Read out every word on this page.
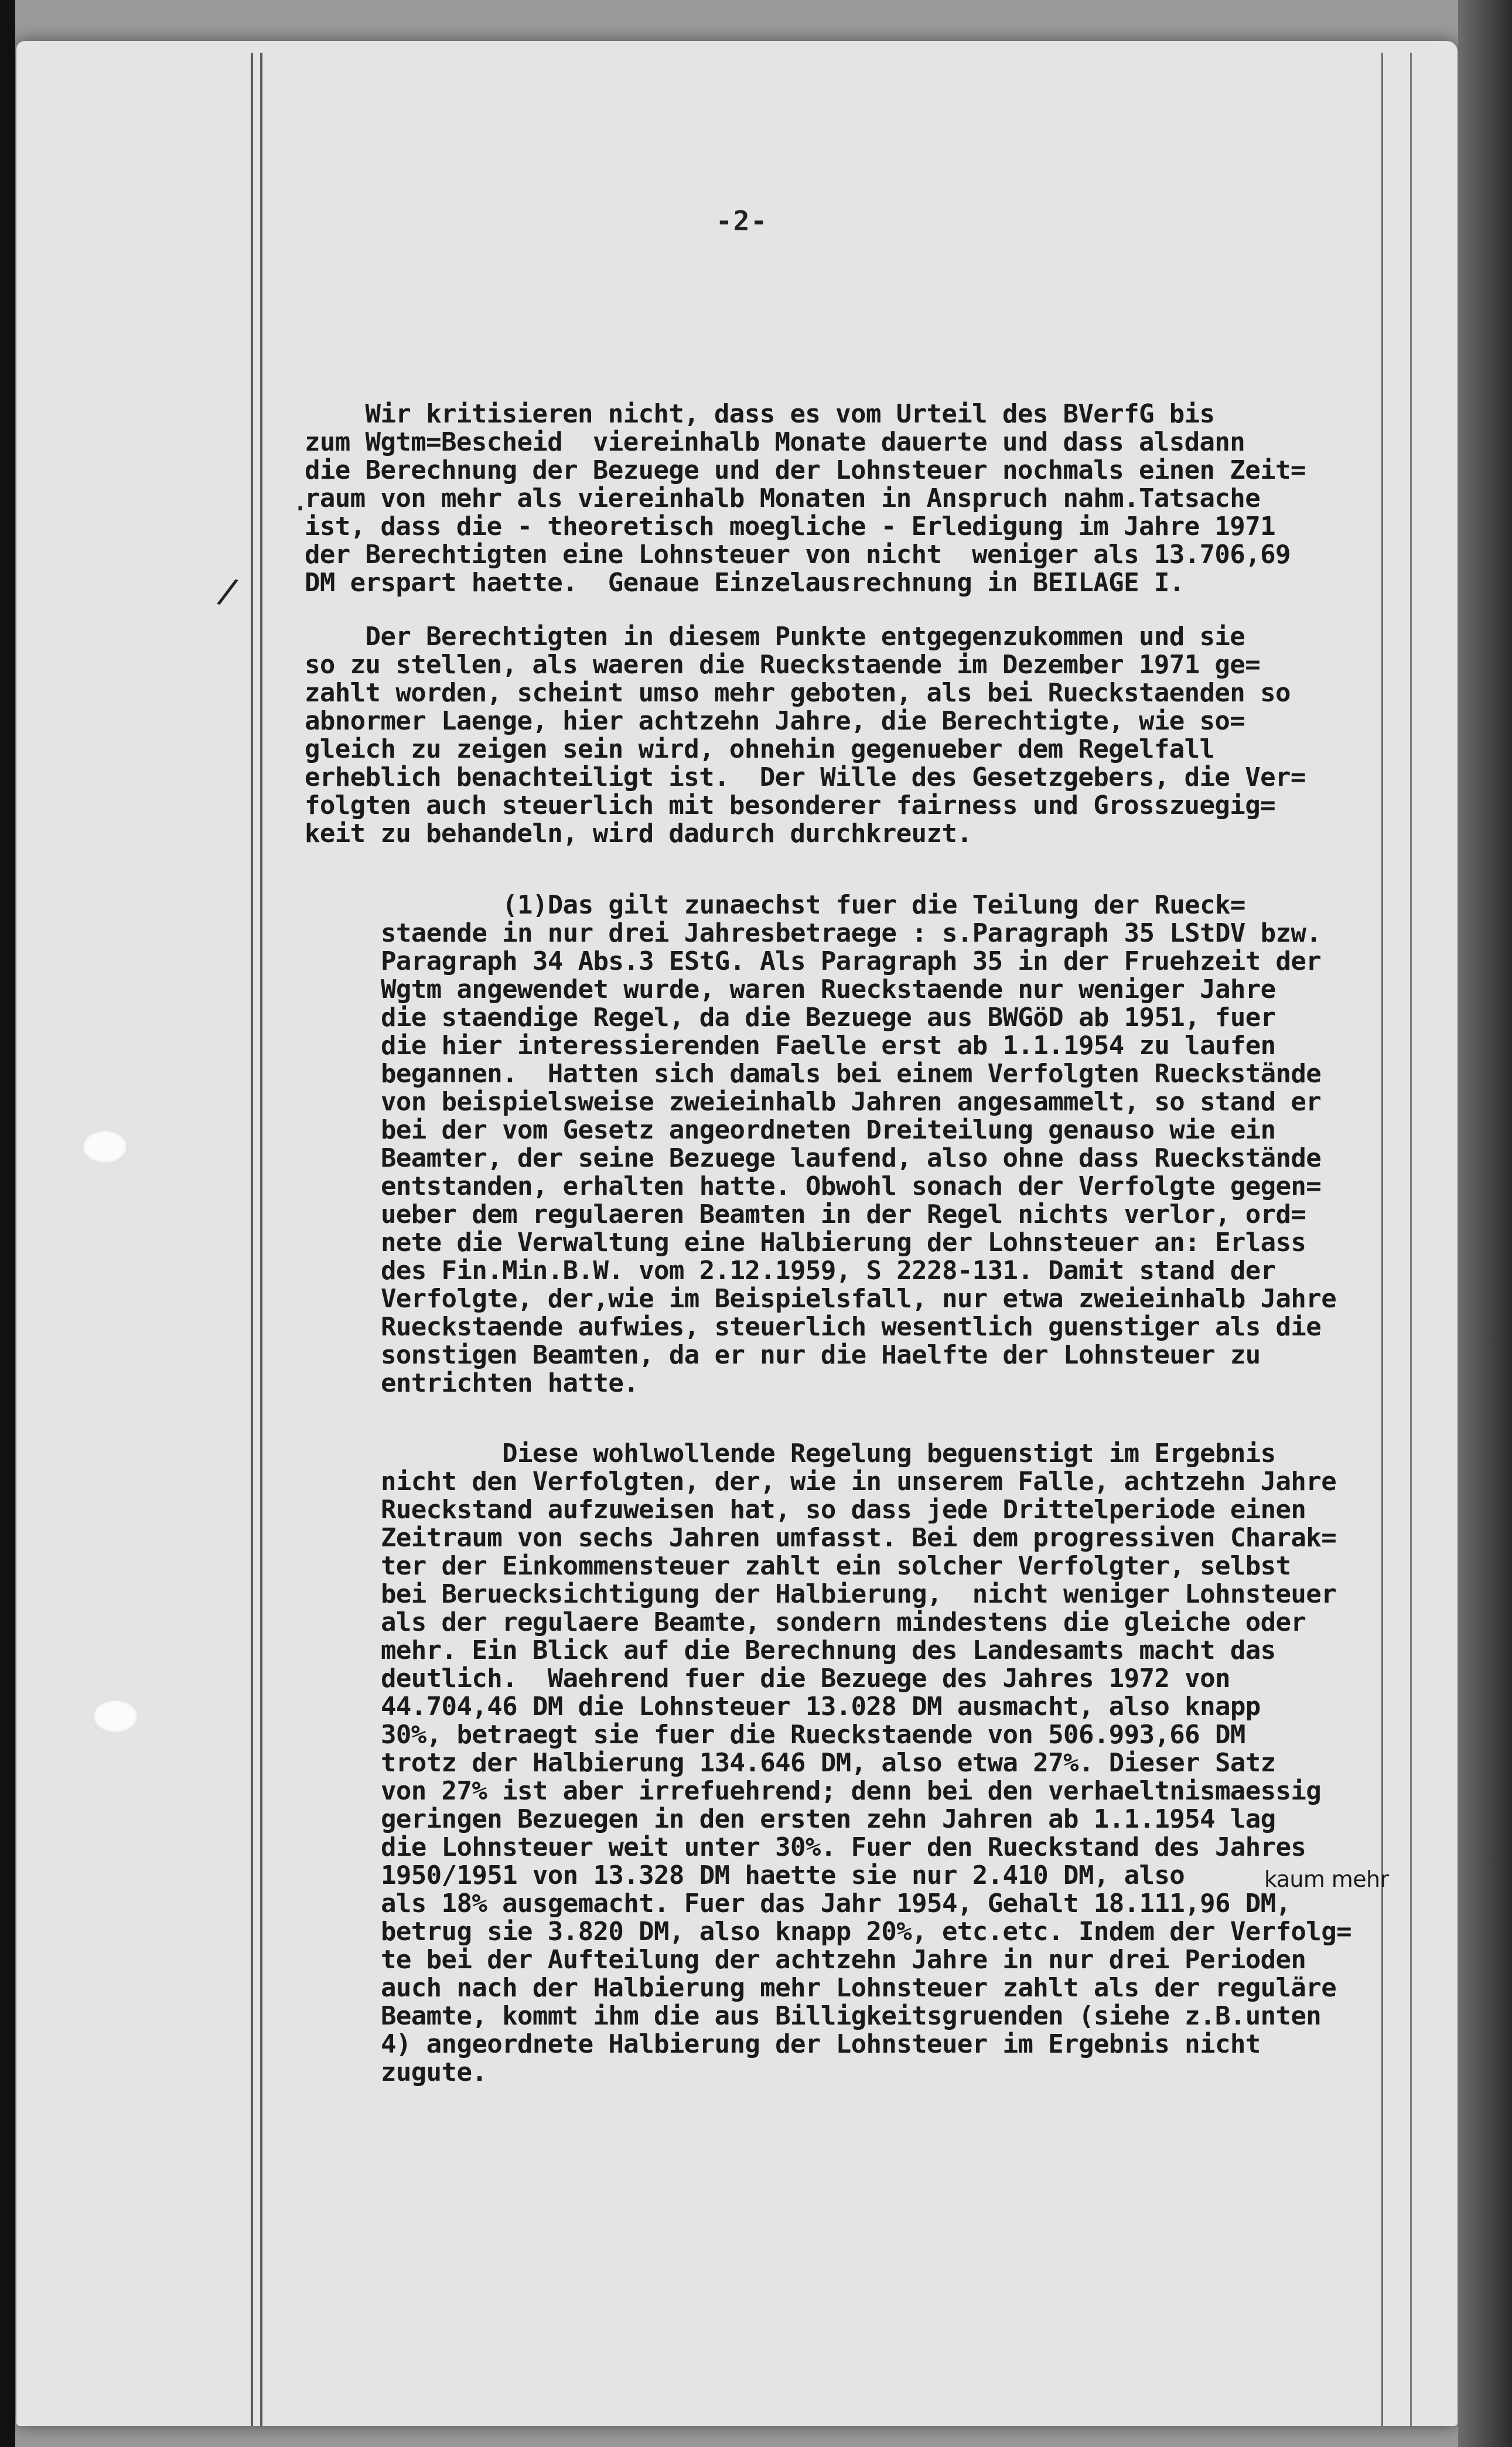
-2-
·
/
Wir kritisieren nicht, dass es vom Urteil des BVerfG bis
zum Wgtm=Bescheid  viereinhalb Monate dauerte und dass alsdann
die Berechnung der Bezuege und der Lohnsteuer nochmals einen Zeit=
raum von mehr als viereinhalb Monaten in Anspruch nahm.Tatsache
ist, dass die - theoretisch moegliche - Erledigung im Jahre 1971
der Berechtigten eine Lohnsteuer von nicht  weniger als 13.706,69
DM erspart haette.  Genaue Einzelausrechnung in BEILAGE I.
Der Berechtigten in diesem Punkte entgegenzukommen und sie
so zu stellen, als waeren die Rueckstaende im Dezember 1971 ge=
zahlt worden, scheint umso mehr geboten, als bei Rueckstaenden so
abnormer Laenge, hier achtzehn Jahre, die Berechtigte, wie so=
gleich zu zeigen sein wird, ohnehin gegenueber dem Regelfall
erheblich benachteiligt ist.  Der Wille des Gesetzgebers, die Ver=
folgten auch steuerlich mit besonderer fairness und Grosszuegig=
keit zu behandeln, wird dadurch durchkreuzt.
(1)Das gilt zunaechst fuer die Teilung der Rueck=
staende in nur drei Jahresbetraege : s.Paragraph 35 LStDV bzw.
Paragraph 34 Abs.3 EStG. Als Paragraph 35 in der Fruehzeit der
Wgtm angewendet wurde, waren Rueckstaende nur weniger Jahre
die staendige Regel, da die Bezuege aus BWGöD ab 1951, fuer
die hier interessierenden Faelle erst ab 1.1.1954 zu laufen
begannen.  Hatten sich damals bei einem Verfolgten Rueckstände
von beispielsweise zweieinhalb Jahren angesammelt, so stand er
bei der vom Gesetz angeordneten Dreiteilung genauso wie ein
Beamter, der seine Bezuege laufend, also ohne dass Rueckstände
entstanden, erhalten hatte. Obwohl sonach der Verfolgte gegen=
ueber dem regulaeren Beamten in der Regel nichts verlor, ord=
nete die Verwaltung eine Halbierung der Lohnsteuer an: Erlass
des Fin.Min.B.W. vom 2.12.1959, S 2228-131. Damit stand der
Verfolgte, der,wie im Beispielsfall, nur etwa zweieinhalb Jahre
Rueckstaende aufwies, steuerlich wesentlich guenstiger als die
sonstigen Beamten, da er nur die Haelfte der Lohnsteuer zu
entrichten hatte.
Diese wohlwollende Regelung beguenstigt im Ergebnis
nicht den Verfolgten, der, wie in unserem Falle, achtzehn Jahre
Rueckstand aufzuweisen hat, so dass jede Drittelperiode einen
Zeitraum von sechs Jahren umfasst. Bei dem progressiven Charak=
ter der Einkommensteuer zahlt ein solcher Verfolgter, selbst
bei Beruecksichtigung der Halbierung,  nicht weniger Lohnsteuer
als der regulaere Beamte, sondern mindestens die gleiche oder
mehr. Ein Blick auf die Berechnung des Landesamts macht das
deutlich.  Waehrend fuer die Bezuege des Jahres 1972 von
44.704,46 DM die Lohnsteuer 13.028 DM ausmacht, also knapp
30%, betraegt sie fuer die Rueckstaende von 506.993,66 DM
trotz der Halbierung 134.646 DM, also etwa 27%. Dieser Satz
von 27% ist aber irrefuehrend; denn bei den verhaeltnismaessig
geringen Bezuegen in den ersten zehn Jahren ab 1.1.1954 lag
die Lohnsteuer weit unter 30%. Fuer den Rueckstand des Jahres
1950/1951 von 13.328 DM haette sie nur 2.410 DM, also	kaum mehr
als 18% ausgemacht. Fuer das Jahr 1954, Gehalt 18.111,96 DM,
betrug sie 3.820 DM, also knapp 20%, etc.etc. Indem der Verfolg=
te bei der Aufteilung der achtzehn Jahre in nur drei Perioden
auch nach der Halbierung mehr Lohnsteuer zahlt als der reguläre
Beamte, kommt ihm die aus Billigkeitsgruenden (siehe z.B.unten
4) angeordnete Halbierung der Lohnsteuer im Ergebnis nicht
zugute.
